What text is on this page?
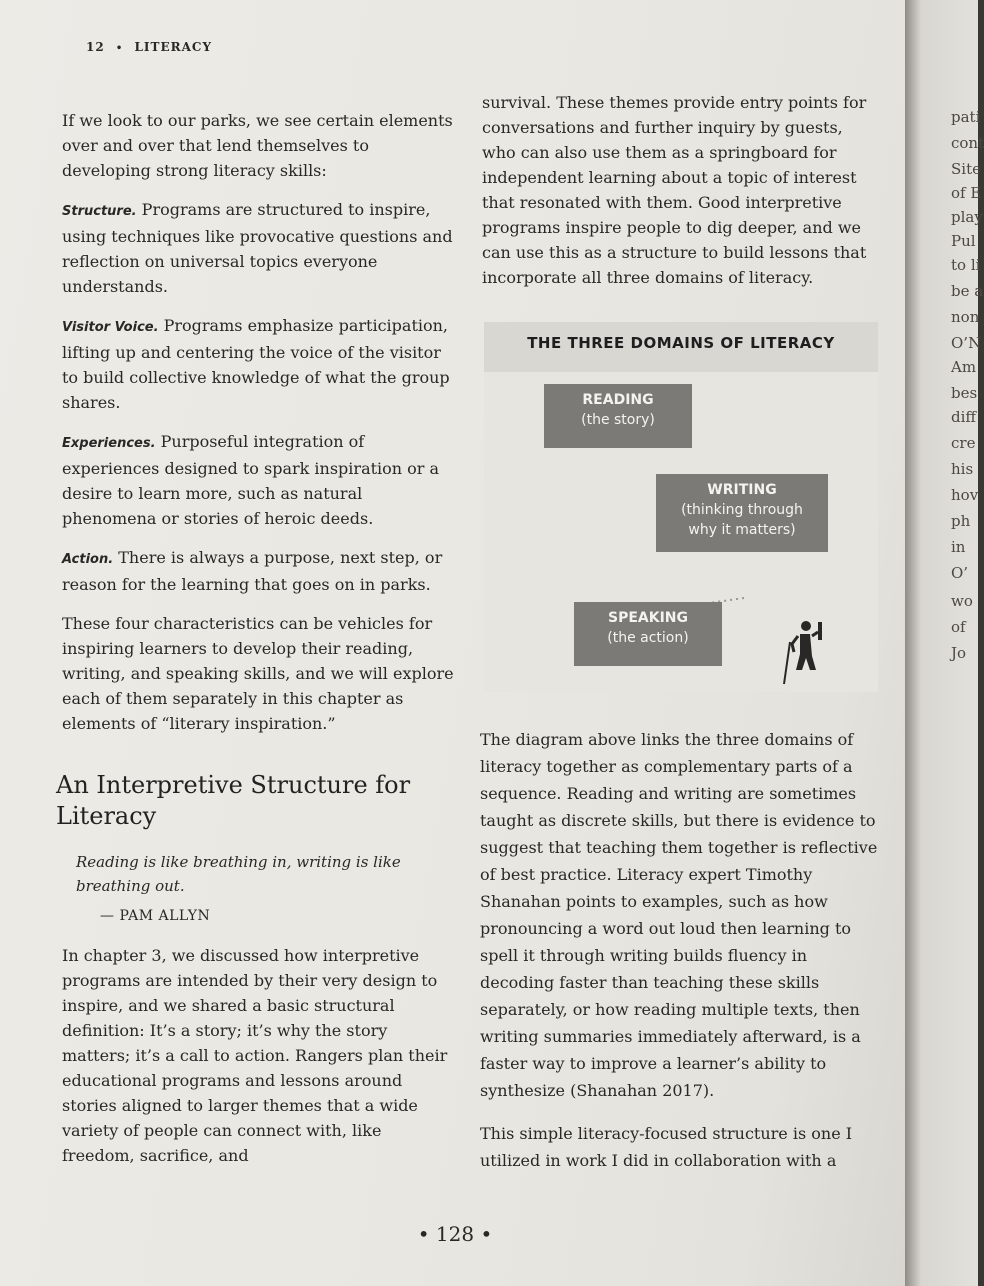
12 • LITERACY

If we look to our parks, we see certain elements over and over that lend themselves to developing strong literacy skills:

Structure. Programs are structured to inspire, using techniques like provocative questions and reflection on universal topics everyone understands.

Visitor Voice. Programs emphasize participation, lifting up and centering the voice of the visitor to build collective knowledge of what the group shares.

Experiences. Purposeful integration of experiences designed to spark inspiration or a desire to learn more, such as natural phenomena or stories of heroic deeds.

Action. There is always a purpose, next step, or reason for the learning that goes on in parks.

These four characteristics can be vehicles for inspiring learners to develop their reading, writing, and speaking skills, and we will explore each of them separately in this chapter as elements of “literary inspiration.”

An Interpretive Structure for Literacy
Reading is like breathing in, writing is like breathing out.
— PAM ALLYN

In chapter 3, we discussed how interpretive programs are intended by their very design to inspire, and we shared a basic structural definition: It’s a story; it’s why the story matters; it’s a call to action. Rangers plan their educational programs and lessons around stories aligned to larger themes that a wide variety of people can connect with, like freedom, sacrifice, and

survival. These themes provide entry points for conversations and further inquiry by guests, who can also use them as a springboard for independent learning about a topic of interest that resonated with them. Good interpretive programs inspire people to dig deeper, and we can use this as a structure to build lessons that incorporate all three domains of literacy.

THE THREE DOMAINS OF LITERACY
READING
(the story)
WRITING
(thinking through why it matters)
SPEAKING
(the action)

The diagram above links the three domains of literacy together as complementary parts of a sequence. Reading and writing are sometimes taught as discrete skills, but there is evidence to suggest that teaching them together is reflective of best practice. Literacy expert Timothy Shanahan points to examples, such as how pronouncing a word out loud then learning to spell it through writing builds fluency in decoding faster than teaching these skills separately, or how reading multiple texts, then writing summaries immediately afterward, is a faster way to improve a learner’s ability to synthesize (Shanahan 2017).

This simple literacy-focused structure is one I utilized in work I did in collaboration with a

• 128 •
pati
cont
Site
of E
play
Pul
to li
be a
non
O’N
Am
bes
diff
cre
his
hov
ph
in
O’
wo
of
Jo
